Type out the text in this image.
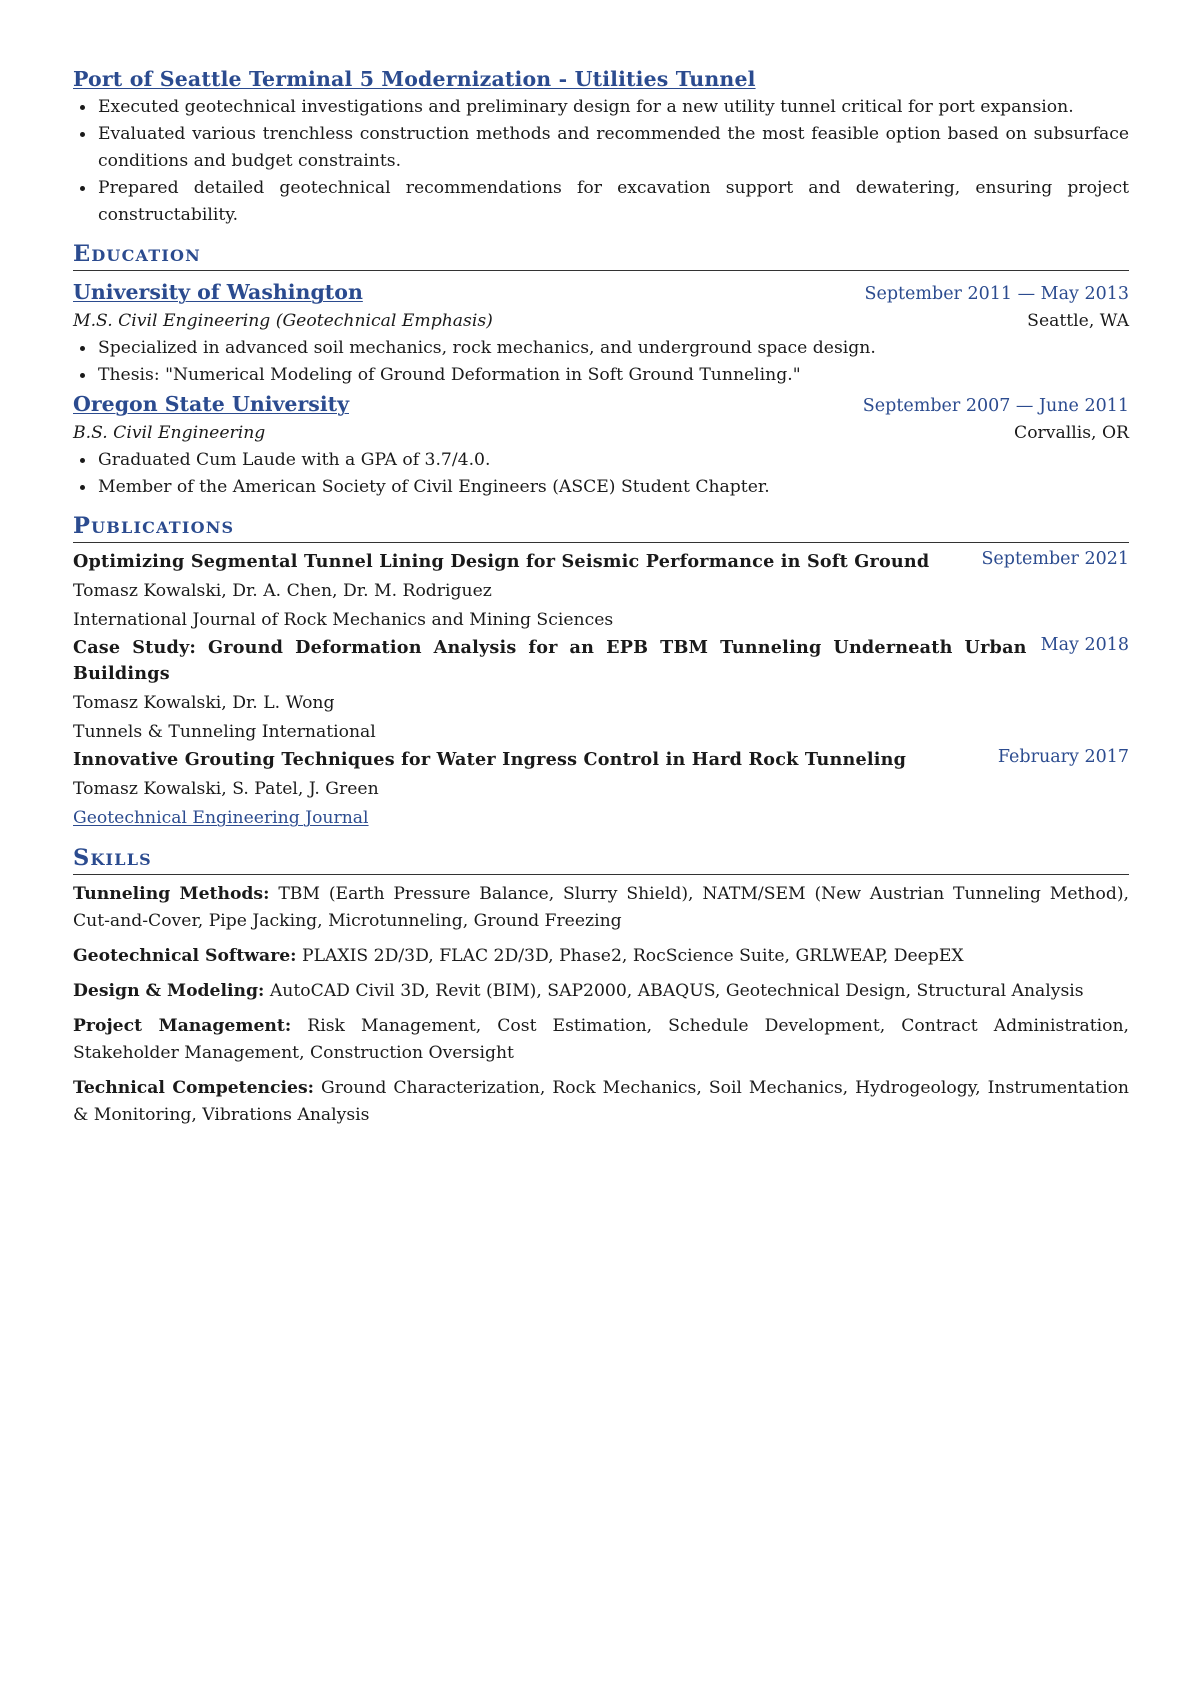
Port of Seattle Terminal 5 Modernization - Utilities Tunnel
Executed geotechnical investigations and preliminary design for a new utility tunnel critical for port expansion.
Evaluated various trenchless construction methods and recommended the most feasible option based on subsurface conditions and budget constraints.
Prepared detailed geotechnical recommendations for excavation support and dewatering, ensuring project constructability.
Education
University of Washington	September 2011 — May 2013
M.S. Civil Engineering (Geotechnical Emphasis)	Seattle, WA
Specialized in advanced soil mechanics, rock mechanics, and underground space design.
Thesis: "Numerical Modeling of Ground Deformation in Soft Ground Tunneling."
Oregon State University	September 2007 — June 2011
B.S. Civil Engineering	Corvallis, OR
Graduated Cum Laude with a GPA of 3.7/4.0.
Member of the American Society of Civil Engineers (ASCE) Student Chapter.
Publications
Optimizing Segmental Tunnel Lining Design for Seismic Performance in Soft Ground	September 2021
Tomasz Kowalski, Dr. A. Chen, Dr. M. Rodriguez
International Journal of Rock Mechanics and Mining Sciences
Case Study: Ground Deformation Analysis for an EPB TBM Tunneling Underneath Urban Buildings
May 2018
Tomasz Kowalski, Dr. L. Wong
Tunnels & Tunneling International
Innovative Grouting Techniques for Water Ingress Control in Hard Rock Tunneling	February 2017
Tomasz Kowalski, S. Patel, J. Green
Geotechnical Engineering Journal
Skills
Tunneling Methods: TBM (Earth Pressure Balance, Slurry Shield), NATM/SEM (New Austrian Tunneling Method), Cut-and-Cover, Pipe Jacking, Microtunneling, Ground Freezing
Geotechnical Software: PLAXIS 2D/3D, FLAC 2D/3D, Phase2, RocScience Suite, GRLWEAP, DeepEX
Design & Modeling: AutoCAD Civil 3D, Revit (BIM), SAP2000, ABAQUS, Geotechnical Design, Structural Analysis
Project Management: Risk Management, Cost Estimation, Schedule Development, Contract Administration, Stakeholder Management, Construction Oversight
Technical Competencies: Ground Characterization, Rock Mechanics, Soil Mechanics, Hydrogeology, Instrumentation & Monitoring, Vibrations Analysis
